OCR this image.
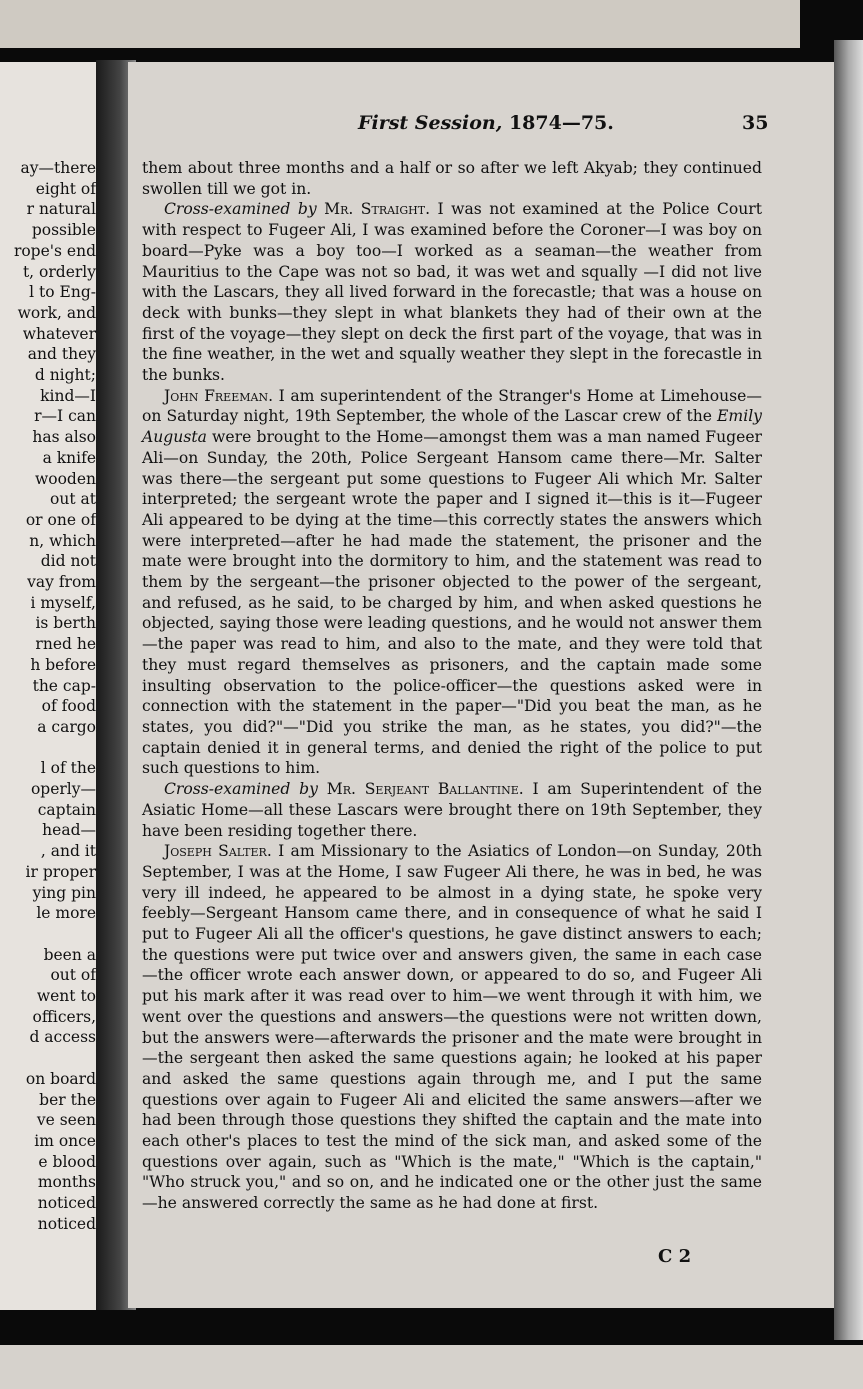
ay—there
eight of
r natural
possible
rope's end
t, orderly
l to Eng-
work, and
whatever
and they
d night;
kind—I
r—I can
has also
a knife
wooden
out at
or one of
n, which
did not
vay from
i myself,
is berth
rned he
h before
the cap-
of food
a cargo
l of the
operly—
captain
head—
, and it
ir proper
ying pin
le more
been a
out of
went to
officers,
d access
on board
ber the
ve seen
im once
e blood
months
noticed
noticed
First Session, 1874—75.	35

them about three months and a half or so after we left Akyab; they continued swollen till we got in.

Cross-examined by Mr. Straight. I was not examined at the Police Court with respect to Fugeer Ali, I was examined before the Coroner—I was boy on board—Pyke was a boy too—I worked as a seaman—the weather from Mauritius to the Cape was not so bad, it was wet and squally —I did not live with the Lascars, they all lived forward in the forecastle; that was a house on deck with bunks—they slept in what blankets they had of their own at the first of the voyage—they slept on deck the first part of the voyage, that was in the fine weather, in the wet and squally weather they slept in the forecastle in the bunks.

John Freeman. I am superintendent of the Stranger's Home at Limehouse—on Saturday night, 19th September, the whole of the Lascar crew of the Emily Augusta were brought to the Home—amongst them was a man named Fugeer Ali—on Sunday, the 20th, Police Sergeant Hansom came there—Mr. Salter was there—the sergeant put some questions to Fugeer Ali which Mr. Salter interpreted; the sergeant wrote the paper and I signed it—this is it—Fugeer Ali appeared to be dying at the time—this correctly states the answers which were interpreted—after he had made the statement, the prisoner and the mate were brought into the dormitory to him, and the statement was read to them by the sergeant—the prisoner objected to the power of the sergeant, and refused, as he said, to be charged by him, and when asked questions he objected, saying those were leading questions, and he would not answer them—the paper was read to him, and also to the mate, and they were told that they must regard themselves as prisoners, and the captain made some insulting observation to the police-officer—the questions asked were in connection with the statement in the paper—"Did you beat the man, as he states, you did?"—"Did you strike the man, as he states, you did?"—the captain denied it in general terms, and denied the right of the police to put such questions to him.

Cross-examined by Mr. Serjeant Ballantine. I am Superintendent of the Asiatic Home—all these Lascars were brought there on 19th September, they have been residing together there.

Joseph Salter. I am Missionary to the Asiatics of London—on Sunday, 20th September, I was at the Home, I saw Fugeer Ali there, he was in bed, he was very ill indeed, he appeared to be almost in a dying state, he spoke very feebly—Sergeant Hansom came there, and in consequence of what he said I put to Fugeer Ali all the officer's questions, he gave distinct answers to each; the questions were put twice over and answers given, the same in each case—the officer wrote each answer down, or appeared to do so, and Fugeer Ali put his mark after it was read over to him—we went through it with him, we went over the questions and answers—the questions were not written down, but the answers were—afterwards the prisoner and the mate were brought in—the sergeant then asked the same questions again; he looked at his paper and asked the same questions again through me, and I put the same questions over again to Fugeer Ali and elicited the same answers—after we had been through those questions they shifted the captain and the mate into each other's places to test the mind of the sick man, and asked some of the questions over again, such as "Which is the mate," "Which is the captain," "Who struck you," and so on, and he indicated one or the other just the same—he answered correctly the same as he had done at first.

C 2
